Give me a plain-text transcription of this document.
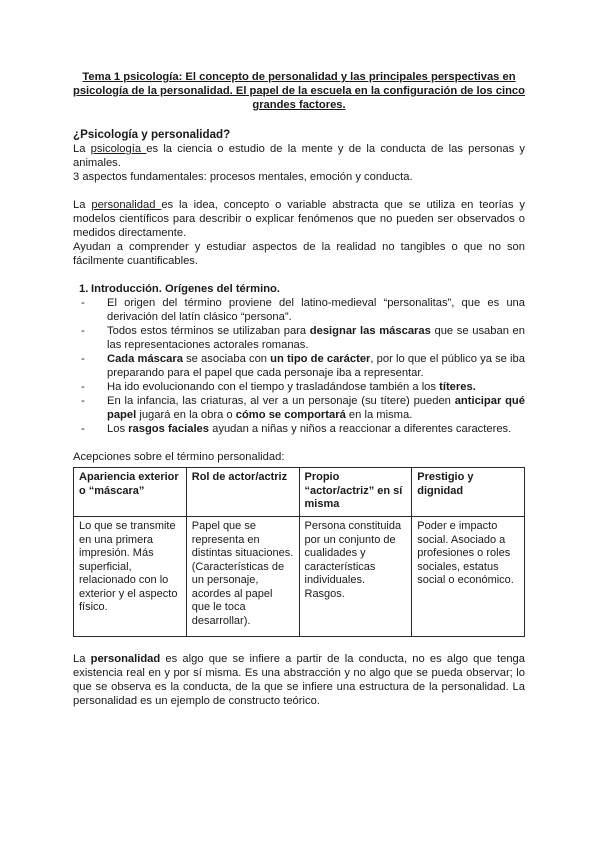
Tema 1 psicología: El concepto de personalidad y las principales perspectivas en psicología de la personalidad. El papel de la escuela en la configuración de los cinco grandes factores.
¿Psicología y personalidad?

La psicología es la ciencia o estudio de la mente y de la conducta de las personas y animales.

3 aspectos fundamentales: procesos mentales, emoción y conducta.

La personalidad es la idea, concepto o variable abstracta que se utiliza en teorías y modelos científicos para describir o explicar fenómenos que no pueden ser observados o medidos directamente.

Ayudan a comprender y estudiar aspectos de la realidad no tangibles o que no son fácilmente cuantificables.

1. Introducción. Orígenes del término.
- El origen del término proviene del latino-medieval “personalitas”, que es una derivación del latín clásico “persona”.
- Todos estos términos se utilizaban para designar las máscaras que se usaban en las representaciones actorales romanas.
- Cada máscara se asociaba con un tipo de carácter, por lo que el público ya se iba preparando para el papel que cada personaje iba a representar.
- Ha ido evolucionando con el tiempo y trasladándose también a los títeres.
- En la infancia, las criaturas, al ver a un personaje (su títere) pueden anticipar qué papel jugará en la obra o cómo se comportará en la misma.
- Los rasgos faciales ayudan a niñas y niños a reaccionar a diferentes caracteres.

Acepciones sobre el término personalidad:

Apariencia exterior o “máscara”	Rol de actor/actriz	Propio “actor/actriz” en sí misma	Prestigio y dignidad
Lo que se transmite en una primera impresión. Más superficial, relacionado con lo exterior y el aspecto físico.	Papel que se representa en distintas situaciones. (Características de un personaje, acordes al papel que le toca desarrollar).	Persona constituida por un conjunto de cualidades y características individuales. Rasgos.	Poder e impacto social. Asociado a profesiones o roles sociales, estatus social o económico.

La personalidad es algo que se infiere a partir de la conducta, no es algo que tenga existencia real en y por sí misma. Es una abstracción y no algo que se pueda observar; lo que se observa es la conducta, de la que se infiere una estructura de la personalidad. La personalidad es un ejemplo de constructo teórico.
